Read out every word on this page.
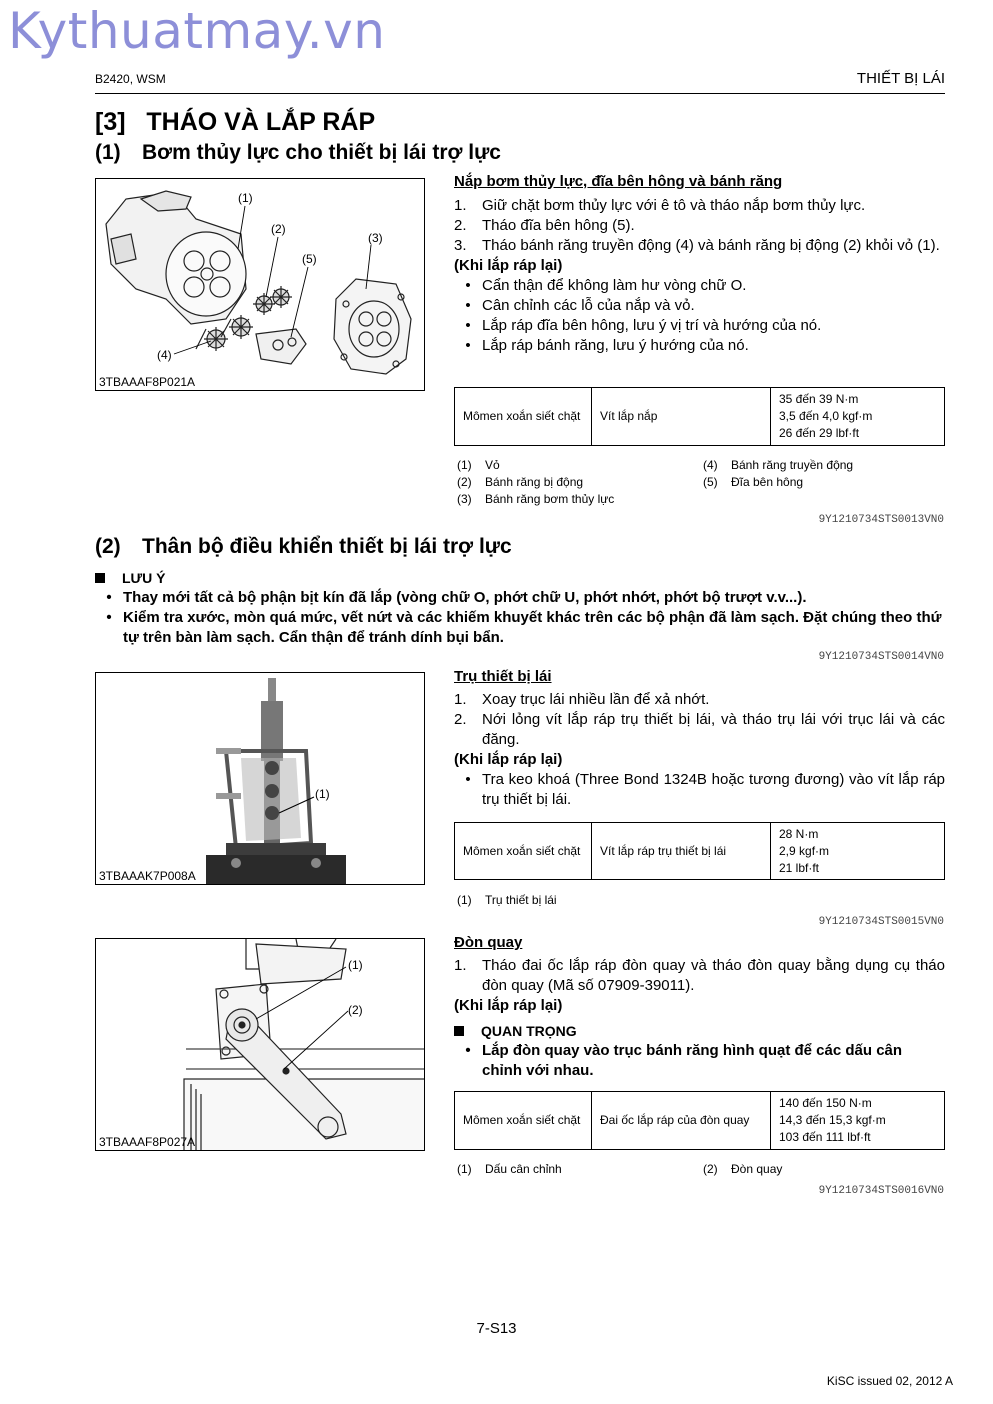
Kythuatmay.vn
B2420, WSM	THIẾT BỊ LÁI
[3]   THÁO VÀ LẮP RÁP
(1) Bơm thủy lực cho thiết bị lái trợ lực
(1)
(2)
(3)
(5)
(4)
3TBAAAF8P021A
Nắp bơm thủy lực, đĩa bên hông và bánh răng
1.	Giữ chặt bơm thủy lực với ê tô và tháo nắp bơm thủy lực.
2.	Tháo đĩa bên hông (5).
3.	Tháo bánh răng truyền động (4) và bánh răng bị động (2) khỏi vỏ (1).
(Khi lắp ráp lại)
• Cẩn thận để không làm hư vòng chữ O.
• Cân chỉnh các lỗ của nắp và vỏ.
• Lắp ráp đĩa bên hông, lưu ý vị trí và hướng của nó.
• Lắp ráp bánh răng, lưu ý hướng của nó.
Mômen xoắn siết chặt	Vít lắp nắp	
35 đến 39 N·m
3,5 đến 4,0 kgf·m
26 đến 29 lbf·ft
(1)	Vỏ
(2)	Bánh răng bị động
(3)	Bánh răng bơm thủy lực
(4)	Bánh răng truyền động
(5)	Đĩa bên hông
9Y1210734STS0013VN0
(2) Thân bộ điều khiển thiết bị lái trợ lực
LƯU Ý
• Thay mới tất cả bộ phận bịt kín đã lắp (vòng chữ O, phớt chữ U, phớt nhớt, phớt bộ trượt v.v...).
• Kiểm tra xước, mòn quá mức, vết nứt và các khiếm khuyết khác trên các bộ phận đã làm sạch. Đặt chúng theo thứ tự trên bàn làm sạch. Cẩn thận để tránh dính bụi bẩn.
9Y1210734STS0014VN0
(1)
3TBAAAK7P008A
Trụ thiết bị lái
1.	Xoay trục lái nhiều lần để xả nhớt.
2.	Nới lỏng vít lắp ráp trụ thiết bị lái, và tháo trụ lái với trục lái và các đăng.
(Khi lắp ráp lại)
• Tra keo khoá (Three Bond 1324B hoặc tương đương) vào vít lắp ráp trụ thiết bị lái.
Mômen xoắn siết chặt	Vít lắp ráp trụ thiết bị lái	
28 N·m
2,9 kgf·m
21 lbf·ft
(1)	Trụ thiết bị lái
9Y1210734STS0015VN0
(1)
(2)
3TBAAAF8P027A
Đòn quay
1.	Tháo đai ốc lắp ráp đòn quay và tháo đòn quay bằng dụng cụ tháo đòn quay (Mã số 07909-39011).
(Khi lắp ráp lại)
QUAN TRỌNG
• Lắp đòn quay vào trục bánh răng hình quạt để các dấu cân chỉnh với nhau.
Mômen xoắn siết chặt	Đai ốc lắp ráp của đòn quay	
140 đến 150 N·m
14,3 đến 15,3 kgf·m
103 đến 111 lbf·ft
(1)	Dấu cân chỉnh	(2)	Đòn quay
9Y1210734STS0016VN0
7-S13
KiSC issued 02, 2012 A
